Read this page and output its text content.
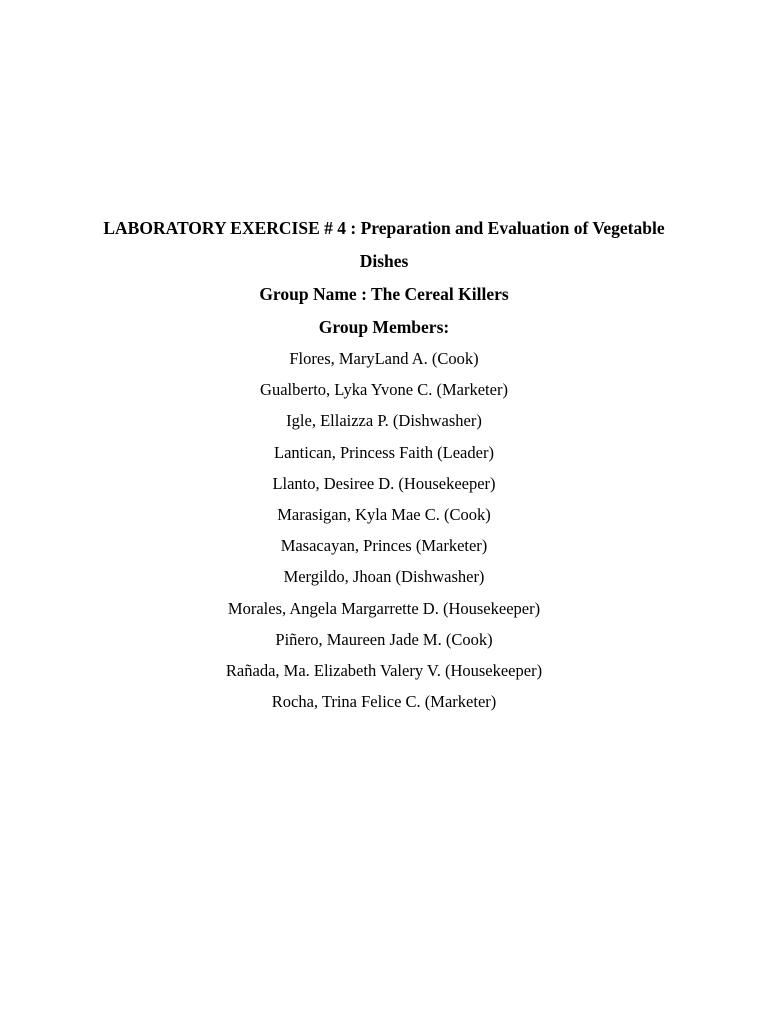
LABORATORY EXERCISE # 4 : Preparation and Evaluation of Vegetable Dishes

Group Name : The Cereal Killers

Group Members:

Flores, MaryLand A. (Cook)
Gualberto, Lyka Yvone C. (Marketer)
Igle, Ellaizza P. (Dishwasher)
Lantican, Princess Faith (Leader)
Llanto, Desiree D. (Housekeeper)
Marasigan, Kyla Mae C. (Cook)
Masacayan, Princes (Marketer)
Mergildo, Jhoan (Dishwasher)
Morales, Angela Margarrette D. (Housekeeper)
Piñero, Maureen Jade M. (Cook)
Rañada, Ma. Elizabeth Valery V. (Housekeeper)
Rocha, Trina Felice C. (Marketer)
